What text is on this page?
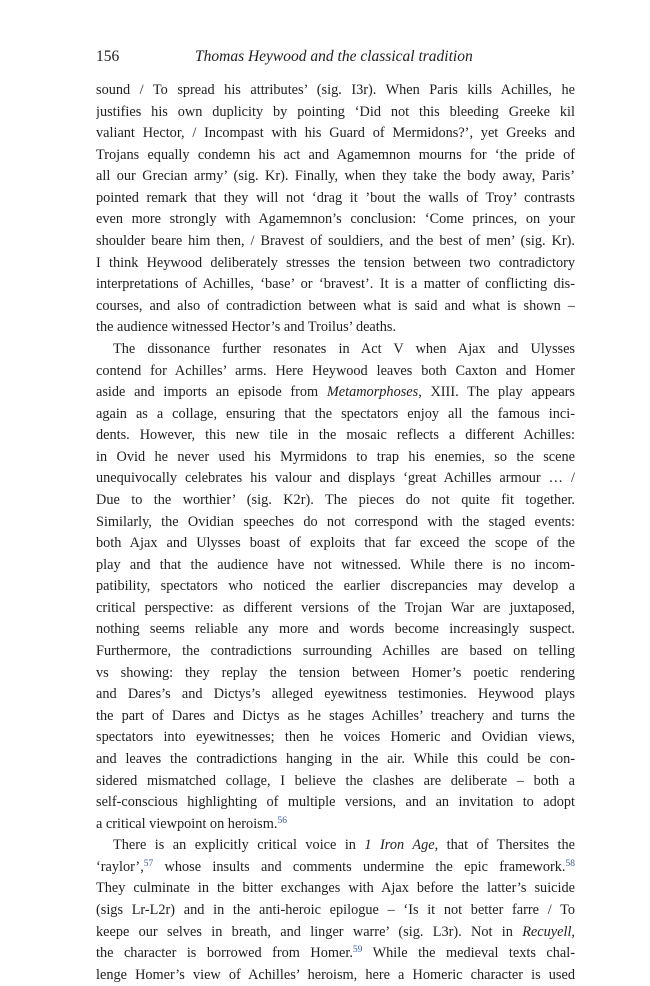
156	Thomas Heywood and the classical tradition
sound / To spread his attributes’ (sig. I3r). When Paris kills Achilles, he
justifies his own duplicity by pointing ‘Did not this bleeding Greeke kil
valiant Hector, / Incompast with his Guard of Mermidons?’, yet Greeks and
Trojans equally condemn his act and Agamemnon mourns for ‘the pride of
all our Grecian army’ (sig. Kr). Finally, when they take the body away, Paris’
pointed remark that they will not ‘drag it ’bout the walls of Troy’ contrasts
even more strongly with Agamemnon’s conclusion: ‘Come princes, on your
shoulder beare him then, / Bravest of souldiers, and the best of men’ (sig. Kr).
I think Heywood deliberately stresses the tension between two contradictory
interpretations of Achilles, ‘base’ or ‘bravest’. It is a matter of conflicting dis-
courses, and also of contradiction between what is said and what is shown –
the audience witnessed Hector’s and Troilus’ deaths.
The dissonance further resonates in Act V when Ajax and Ulysses
contend for Achilles’ arms. Here Heywood leaves both Caxton and Homer
aside and imports an episode from Metamorphoses, XIII. The play appears
again as a collage, ensuring that the spectators enjoy all the famous inci-
dents. However, this new tile in the mosaic reflects a different Achilles:
in Ovid he never used his Myrmidons to trap his enemies, so the scene
unequivocally celebrates his valour and displays ‘great Achilles armour … /
Due to the worthier’ (sig. K2r). The pieces do not quite fit together.
Similarly, the Ovidian speeches do not correspond with the staged events:
both Ajax and Ulysses boast of exploits that far exceed the scope of the
play and that the audience have not witnessed. While there is no incom-
patibility, spectators who noticed the earlier discrepancies may develop a
critical perspective: as different versions of the Trojan War are juxtaposed,
nothing seems reliable any more and words become increasingly suspect.
Furthermore, the contradictions surrounding Achilles are based on telling
vs showing: they replay the tension between Homer’s poetic rendering
and Dares’s and Dictys’s alleged eyewitness testimonies. Heywood plays
the part of Dares and Dictys as he stages Achilles’ treachery and turns the
spectators into eyewitnesses; then he voices Homeric and Ovidian views,
and leaves the contradictions hanging in the air. While this could be con-
sidered mismatched collage, I believe the clashes are deliberate – both a
self-conscious highlighting of multiple versions, and an invitation to adopt
a critical viewpoint on heroism.$^{56}$
There is an explicitly critical voice in 1 Iron Age, that of Thersites the
‘raylor’,$^{57}$ whose insults and comments undermine the epic framework.$^{58}$
They culminate in the bitter exchanges with Ajax before the latter’s suicide
(sigs Lr-L2r) and in the anti-heroic epilogue – ‘Is it not better farre / To
keepe our selves in breath, and linger warre’ (sig. L3r). Not in Recuyell,
the character is borrowed from Homer.$^{59}$ While the medieval texts chal-
lenge Homer’s view of Achilles’ heroism, here a Homeric character is used
